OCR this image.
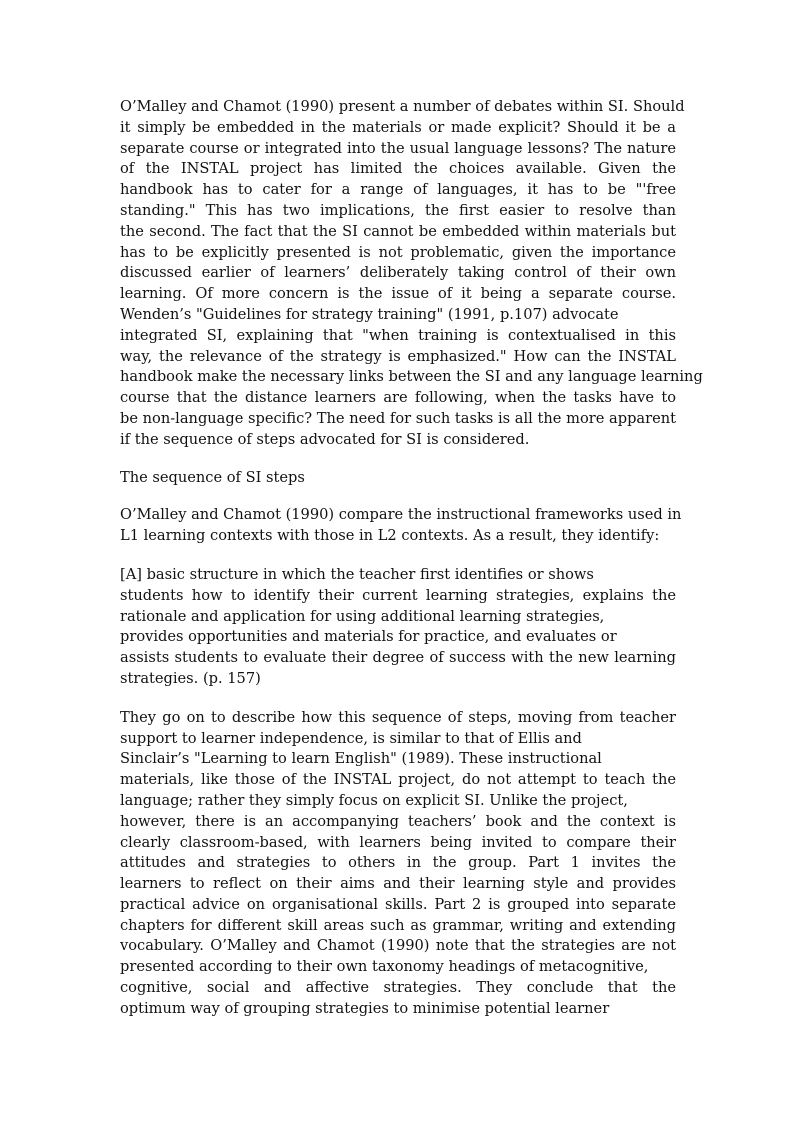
O’Malley and Chamot (1990) present a number of debates within SI. Should
it simply be embedded in the materials or made explicit? Should it be a
separate course or integrated into the usual language lessons? The nature
of the INSTAL project has limited the choices available. Given the
handbook has to cater for a range of languages, it has to be "'free
standing." This has two implications, the first easier to resolve than
the second. The fact that the SI cannot be embedded within materials but
has to be explicitly presented is not problematic, given the importance
discussed earlier of learners’ deliberately taking control of their own
learning. Of more concern is the issue of it being a separate course.
Wenden’s "Guidelines for strategy training" (1991, p.107) advocate
integrated SI, explaining that "when training is contextualised in this
way, the relevance of the strategy is emphasized." How can the INSTAL
handbook make the necessary links between the SI and any language learning
course that the distance learners are following, when the tasks have to
be non-language specific? The need for such tasks is all the more apparent
if the sequence of steps advocated for SI is considered.
The sequence of SI steps
O’Malley and Chamot (1990) compare the instructional frameworks used in
L1 learning contexts with those in L2 contexts. As a result, they identify:
[A] basic structure in which the teacher first identifies or shows
students how to identify their current learning strategies, explains the
rationale and application for using additional learning strategies,
provides opportunities and materials for practice, and evaluates or
assists students to evaluate their degree of success with the new learning
strategies. (p. 157)
They go on to describe how this sequence of steps, moving from teacher
support to learner independence, is similar to that of Ellis and
Sinclair’s "Learning to learn English" (1989). These instructional
materials, like those of the INSTAL project, do not attempt to teach the
language; rather they simply focus on explicit SI. Unlike the project,
however, there is an accompanying teachers’ book and the context is
clearly classroom-based, with learners being invited to compare their
attitudes and strategies to others in the group. Part 1 invites the
learners to reflect on their aims and their learning style and provides
practical advice on organisational skills. Part 2 is grouped into separate
chapters for different skill areas such as grammar, writing and extending
vocabulary. O’Malley and Chamot (1990) note that the strategies are not
presented according to their own taxonomy headings of metacognitive,
cognitive, social and affective strategies. They conclude that the
optimum way of grouping strategies to minimise potential learner
